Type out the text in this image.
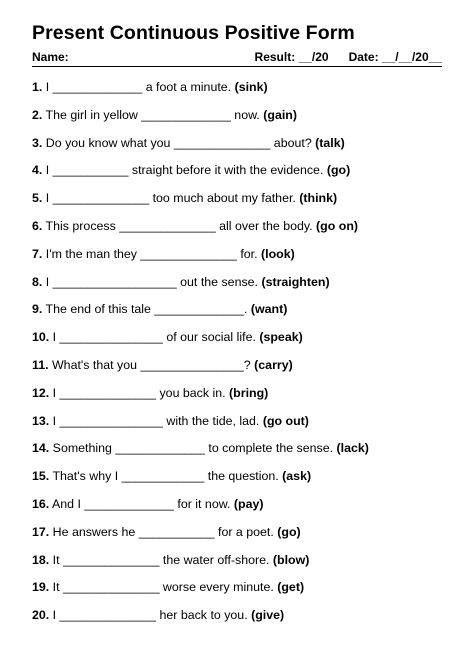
Present Continuous Positive Form
Name:	Result: __/20 Date: __/__/20__
1. I _____________ a foot a minute. (sink)
2. The girl in yellow _____________ now. (gain)
3. Do you know what you ______________ about? (talk)
4. I ___________ straight before it with the evidence. (go)
5. I ______________ too much about my father. (think)
6. This process ______________ all over the body. (go on)
7. I'm the man they ______________ for. (look)
8. I __________________ out the sense. (straighten)
9. The end of this tale _____________. (want)
10. I _______________ of our social life. (speak)
11. What's that you _______________? (carry)
12. I ______________ you back in. (bring)
13. I _______________ with the tide, lad. (go out)
14. Something _____________ to complete the sense. (lack)
15. That's why I ____________ the question. (ask)
16. And I _____________ for it now. (pay)
17. He answers he ___________ for a poet. (go)
18. It ______________ the water off-shore. (blow)
19. It ______________ worse every minute. (get)
20. I ______________ her back to you. (give)
